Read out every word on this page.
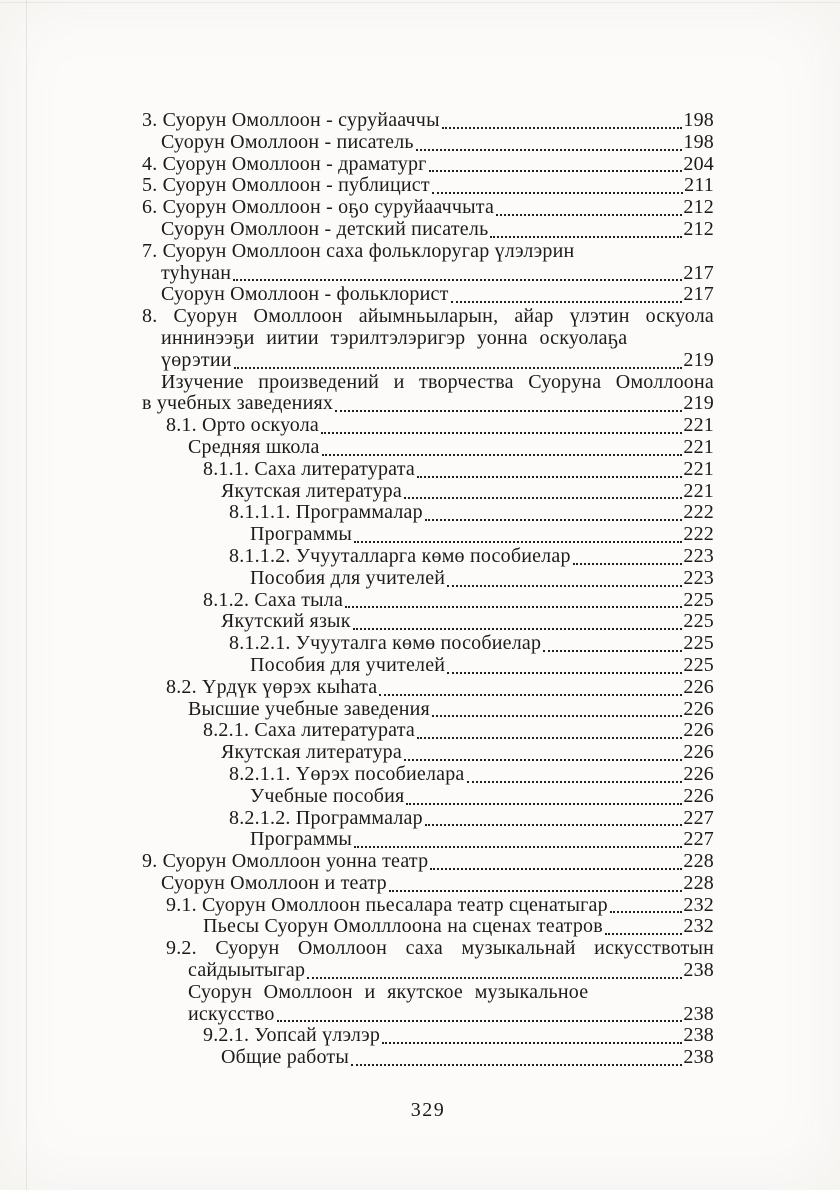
3. Суорун Омоллоон - суруйааччы	198
Суорун Омоллоон - писатель	198
4. Суорун Омоллоон - драматург	204
5. Суорун Омоллоон - публицист	211
6. Суорун Омоллоон - оҕо суруйааччыта	212
Суорун Омоллоон - детский писатель	212
7. Суорун Омоллоон саха фольклоругар үлэлэрин
туһунан	217
Суорун Омоллоон - фольклорист	217
8. Суорун Омоллоон айымньыларын, айар үлэтин оскуола
иннинээҕи иитии тэрилтэлэригэр уонна оскуолаҕа
үөрэтии	219
Изучение произведений и творчества Суоруна Омоллоона
в учебных заведениях	219
8.1. Орто оскуола	221
Средняя школа	221
8.1.1. Саха литературата	221
Якутская литература	221
8.1.1.1. Программалар	222
Программы	222
8.1.1.2. Учууталларга көмө пособиелар	223
Пособия для учителей	223
8.1.2. Саха тыла	225
Якутский язык	225
8.1.2.1. Учууталга көмө пособиелар	225
Пособия для учителей	225
8.2. Үрдүк үөрэх кыһата	226
Высшие учебные заведения	226
8.2.1. Саха литературата	226
Якутская литература	226
8.2.1.1. Үөрэх пособиелара	226
Учебные пособия	226
8.2.1.2. Программалар	227
Программы	227
9. Суорун Омоллоон уонна театр	228
Суорун Омоллоон и театр	228
9.1. Суорун Омоллоон пьесалара театр сценатыгар	232
Пьесы Суорун Омолллоона на сценах театров	232
9.2. Суорун Омоллоон саха музыкальнай искусствотын
сайдыытыгар	238
Суорун Омоллоон и якутское музыкальное
искусство	238
9.2.1. Уопсай үлэлэр	238
Общие работы	238
329
